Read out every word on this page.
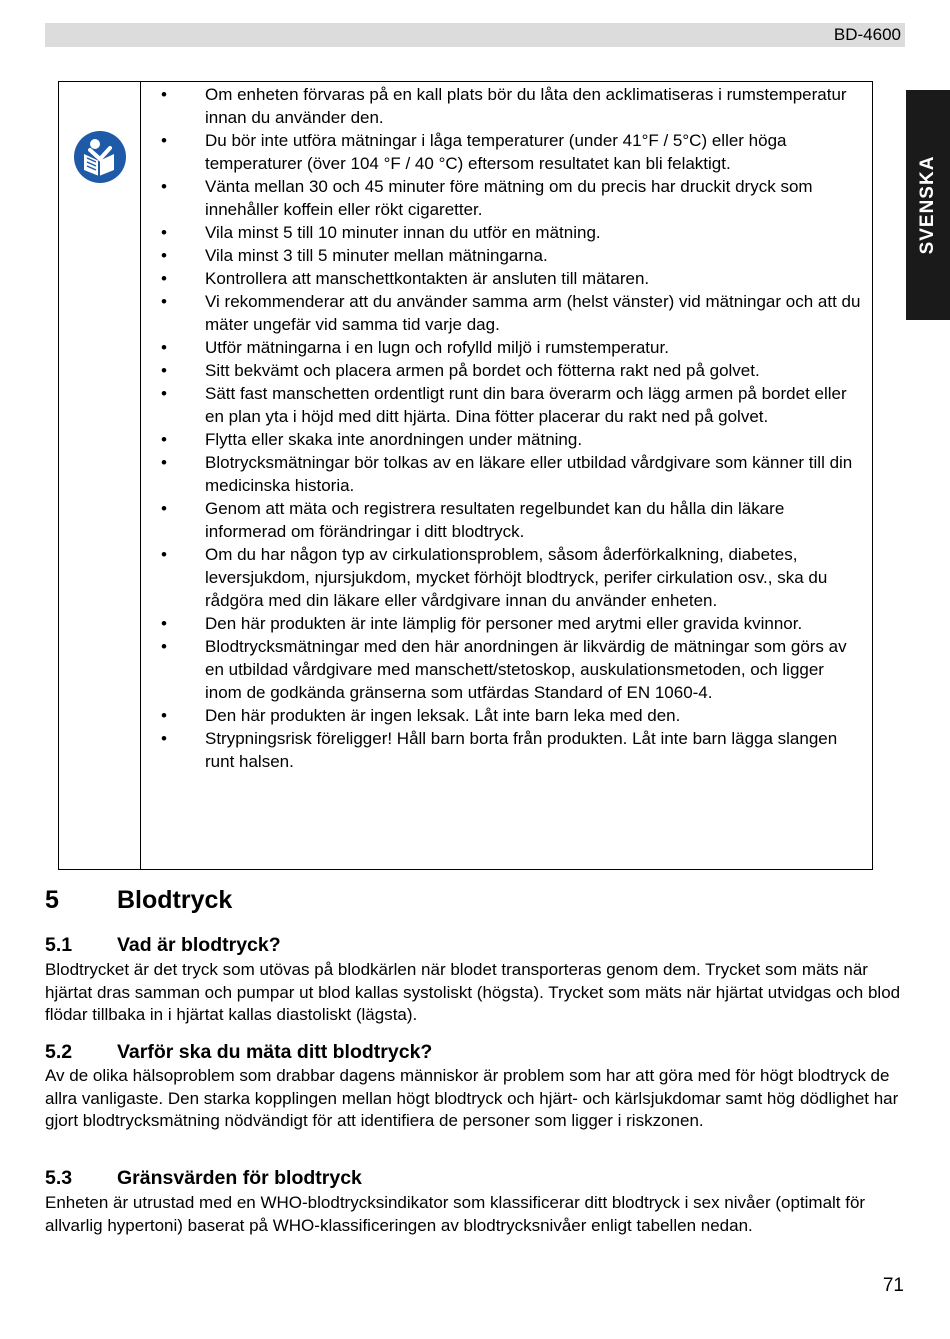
BD-4600
SVENSKA
• Om enheten förvaras på en kall plats bör du låta den acklimatiseras i rumstemperatur innan du använder den.
• Du bör inte utföra mätningar i låga temperaturer (under 41°F / 5°C) eller höga temperaturer (över 104 °F / 40 °C) eftersom resultatet kan bli felaktigt.
• Vänta mellan 30 och 45 minuter före mätning om du precis har druckit dryck som innehåller koffein eller rökt cigaretter.
• Vila minst 5 till 10 minuter innan du utför en mätning.
• Vila minst 3 till 5 minuter mellan mätningarna.
• Kontrollera att manschettkontakten är ansluten till mätaren.
• Vi rekommenderar att du använder samma arm (helst vänster) vid mätningar och att du mäter ungefär vid samma tid varje dag.
• Utför mätningarna i en lugn och rofylld miljö i rumstemperatur.
• Sitt bekvämt och placera armen på bordet och fötterna rakt ned på golvet.
• Sätt fast manschetten ordentligt runt din bara överarm och lägg armen på bordet eller en plan yta i höjd med ditt hjärta. Dina fötter placerar du rakt ned på golvet.
• Flytta eller skaka inte anordningen under mätning.
• Blotrycksmätningar bör tolkas av en läkare eller utbildad vårdgivare som känner till din medicinska historia.
• Genom att mäta och registrera resultaten regelbundet kan du hålla din läkare informerad om förändringar i ditt blodtryck.
• Om du har någon typ av cirkulationsproblem, såsom åderförkalkning, diabetes, leversjukdom, njursjukdom, mycket förhöjt blodtryck, perifer cirkulation osv., ska du rådgöra med din läkare eller vårdgivare innan du använder enheten.
• Den här produkten är inte lämplig för personer med arytmi eller gravida kvinnor.
• Blodtrycksmätningar med den här anordningen är likvärdig de mätningar som görs av en utbildad vårdgivare med manschett/stetoskop, auskulationsmetoden, och ligger inom de godkända gränserna som utfärdas Standard of EN 1060-4.
• Den här produkten är ingen leksak. Låt inte barn leka med den.
• Strypningsrisk föreligger! Håll barn borta från produkten. Låt inte barn lägga slangen runt halsen.
5 Blodtryck
5.1 Vad är blodtryck?

Blodtrycket är det tryck som utövas på blodkärlen när blodet transporteras genom dem. Trycket som mäts när hjärtat dras samman och pumpar ut blod kallas systoliskt (högsta). Trycket som mäts när hjärtat utvidgas och blod flödar tillbaka in i hjärtat kallas diastoliskt (lägsta).

5.2 Varför ska du mäta ditt blodtryck?

Av de olika hälsoproblem som drabbar dagens människor är problem som har att göra med för högt blodtryck de allra vanligaste. Den starka kopplingen mellan högt blodtryck och hjärt- och kärlsjukdomar samt hög dödlighet har gjort blodtrycksmätning nödvändigt för att identifiera de personer som ligger i riskzonen.

5.3 Gränsvärden för blodtryck

Enheten är utrustad med en WHO-blodtrycksindikator som klassificerar ditt blodtryck i sex nivåer (optimalt för allvarlig hypertoni) baserat på WHO-klassificeringen av blodtrycksnivåer enligt tabellen nedan.

71
